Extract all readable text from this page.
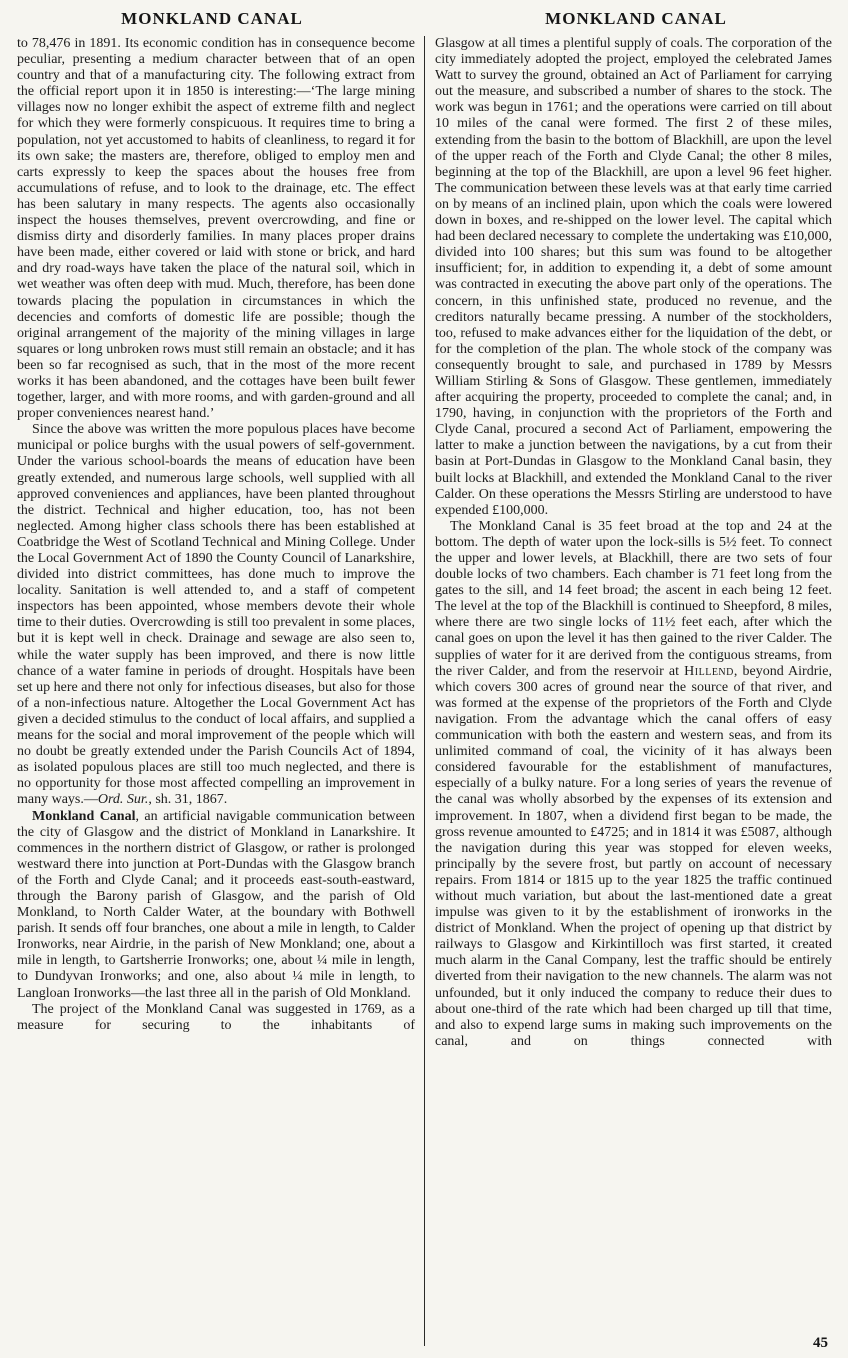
MONKLAND CANAL	MONKLAND CANAL

to 78,476 in 1891. Its economic condition has in consequence become peculiar, presenting a medium character between that of an open country and that of a manufacturing city. The following extract from the official report upon it in 1850 is interesting:—‘The large mining villages now no longer exhibit the aspect of extreme filth and neglect for which they were formerly conspicuous. It requires time to bring a population, not yet accustomed to habits of cleanliness, to regard it for its own sake; the masters are, therefore, obliged to employ men and carts expressly to keep the spaces about the houses free from accumulations of refuse, and to look to the drainage, etc. The effect has been salutary in many respects. The agents also occasionally inspect the houses themselves, prevent overcrowding, and fine or dismiss dirty and disorderly families. In many places proper drains have been made, either covered or laid with stone or brick, and hard and dry road-ways have taken the place of the natural soil, which in wet weather was often deep with mud. Much, therefore, has been done towards placing the population in circumstances in which the decencies and comforts of domestic life are possible; though the original arrangement of the majority of the mining villages in large squares or long unbroken rows must still remain an obstacle; and it has been so far recognised as such, that in the most of the more recent works it has been abandoned, and the cottages have been built fewer together, larger, and with more rooms, and with garden-ground and all proper conveniences nearest hand.’

Since the above was written the more populous places have become municipal or police burghs with the usual powers of self-government. Under the various school-boards the means of education have been greatly extended, and numerous large schools, well supplied with all approved conveniences and appliances, have been planted throughout the district. Technical and higher education, too, has not been neglected. Among higher class schools there has been established at Coatbridge the West of Scotland Technical and Mining College. Under the Local Government Act of 1890 the County Council of Lanarkshire, divided into district committees, has done much to improve the locality. Sanitation is well attended to, and a staff of competent inspectors has been appointed, whose members devote their whole time to their duties. Overcrowding is still too prevalent in some places, but it is kept well in check. Drainage and sewage are also seen to, while the water supply has been improved, and there is now little chance of a water famine in periods of drought. Hospitals have been set up here and there not only for infectious diseases, but also for those of a non-infectious nature. Altogether the Local Government Act has given a decided stimulus to the conduct of local affairs, and supplied a means for the social and moral improvement of the people which will no doubt be greatly extended under the Parish Councils Act of 1894, as isolated populous places are still too much neglected, and there is no opportunity for those most affected compelling an improvement in many ways.—Ord. Sur., sh. 31, 1867.

Monkland Canal, an artificial navigable communication between the city of Glasgow and the district of Monkland in Lanarkshire. It commences in the northern district of Glasgow, or rather is prolonged westward there into junction at Port-Dundas with the Glasgow branch of the Forth and Clyde Canal; and it proceeds east-south-eastward, through the Barony parish of Glasgow, and the parish of Old Monkland, to North Calder Water, at the boundary with Bothwell parish. It sends off four branches, one about a mile in length, to Calder Ironworks, near Airdrie, in the parish of New Monkland; one, about a mile in length, to Gartsherrie Ironworks; one, about ¼ mile in length, to Dundyvan Ironworks; and one, also about ¼ mile in length, to Langloan Ironworks—the last three all in the parish of Old Monkland.

The project of the Monkland Canal was suggested in 1769, as a measure for securing to the inhabitants of

Glasgow at all times a plentiful supply of coals. The corporation of the city immediately adopted the project, employed the celebrated James Watt to survey the ground, obtained an Act of Parliament for carrying out the measure, and subscribed a number of shares to the stock. The work was begun in 1761; and the operations were carried on till about 10 miles of the canal were formed. The first 2 of these miles, extending from the basin to the bottom of Blackhill, are upon the level of the upper reach of the Forth and Clyde Canal; the other 8 miles, beginning at the top of the Blackhill, are upon a level 96 feet higher. The communication between these levels was at that early time carried on by means of an inclined plain, upon which the coals were lowered down in boxes, and re-shipped on the lower level. The capital which had been declared necessary to complete the undertaking was £10,000, divided into 100 shares; but this sum was found to be altogether insufficient; for, in addition to expending it, a debt of some amount was contracted in executing the above part only of the operations. The concern, in this unfinished state, produced no revenue, and the creditors naturally became pressing. A number of the stockholders, too, refused to make advances either for the liquidation of the debt, or for the completion of the plan. The whole stock of the company was consequently brought to sale, and purchased in 1789 by Messrs William Stirling & Sons of Glasgow. These gentlemen, immediately after acquiring the property, proceeded to complete the canal; and, in 1790, having, in conjunction with the proprietors of the Forth and Clyde Canal, procured a second Act of Parliament, empowering the latter to make a junction between the navigations, by a cut from their basin at Port-Dundas in Glasgow to the Monkland Canal basin, they built locks at Blackhill, and extended the Monkland Canal to the river Calder. On these operations the Messrs Stirling are understood to have expended £100,000.

The Monkland Canal is 35 feet broad at the top and 24 at the bottom. The depth of water upon the lock-sills is 5½ feet. To connect the upper and lower levels, at Blackhill, there are two sets of four double locks of two chambers. Each chamber is 71 feet long from the gates to the sill, and 14 feet broad; the ascent in each being 12 feet. The level at the top of the Blackhill is continued to Sheepford, 8 miles, where there are two single locks of 11½ feet each, after which the canal goes on upon the level it has then gained to the river Calder. The supplies of water for it are derived from the contiguous streams, from the river Calder, and from the reservoir at Hillend, beyond Airdrie, which covers 300 acres of ground near the source of that river, and was formed at the expense of the proprietors of the Forth and Clyde navigation. From the advantage which the canal offers of easy communication with both the eastern and western seas, and from its unlimited command of coal, the vicinity of it has always been considered favourable for the establishment of manufactures, especially of a bulky nature. For a long series of years the revenue of the canal was wholly absorbed by the expenses of its extension and improvement. In 1807, when a dividend first began to be made, the gross revenue amounted to £4725; and in 1814 it was £5087, although the navigation during this year was stopped for eleven weeks, principally by the severe frost, but partly on account of necessary repairs. From 1814 or 1815 up to the year 1825 the traffic continued without much variation, but about the last-mentioned date a great impulse was given to it by the establishment of ironworks in the district of Monkland. When the project of opening up that district by railways to Glasgow and Kirkintilloch was first started, it created much alarm in the Canal Company, lest the traffic should be entirely diverted from their navigation to the new channels. The alarm was not unfounded, but it only induced the company to reduce their dues to about one-third of the rate which had been charged up till that time, and also to expend large sums in making such improvements on the canal, and on things connected with

45
